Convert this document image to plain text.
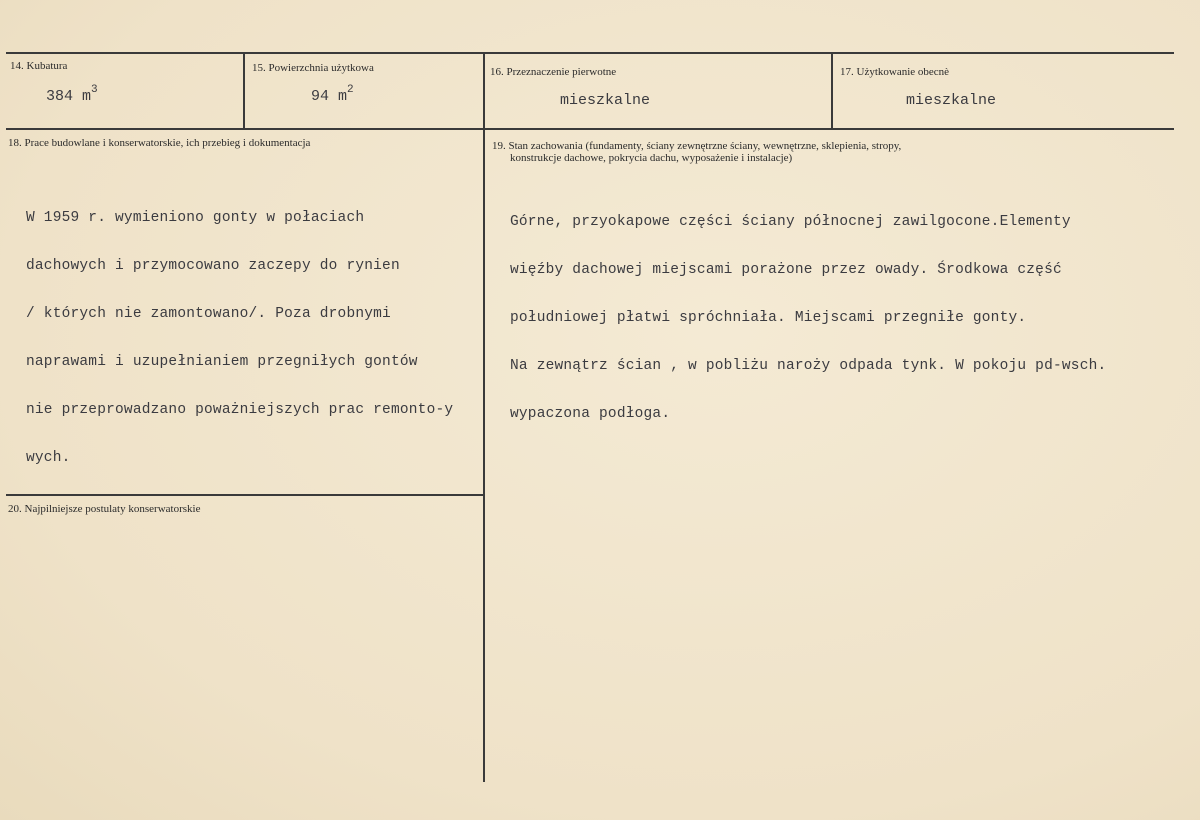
14. Kubatura
384 $m^3$
15. Powierzchnia użytkowa
94 $m^2$
16. Przeznaczenie pierwotne
mieszkalne
17. Użytkowanie obecnè
mieszkalne
18. Prace budowlane i konserwatorskie, ich przebieg i dokumentacja

W 1959 r. wymieniono gonty w połaciach

dachowych i przymocowano zaczepy do rynien

/ których nie zamontowano/. Poza drobnymi

naprawami i uzupełnianiem przegniłych gontów

nie przeprowadzano poważniejszych prac remonto-y

wych.

19. Stan zachowania (fundamenty, ściany zewnętrzne ściany, wewnętrzne, sklepienia, stropy,
konstrukcje dachowe, pokrycia dachu, wyposażenie i instalacje)

Górne, przyokapowe części ściany północnej zawilgocone.Elementy

więźby dachowej miejscami porażone przez owady. Środkowa część

południowej płatwi spróchniała. Miejscami przegniłe gonty.

Na zewnątrz ścian , w pobliżu naroży odpada tynk. W pokoju pd-wsch.

wypaczona podłoga.

20. Najpilniejsze postulaty konserwatorskie
